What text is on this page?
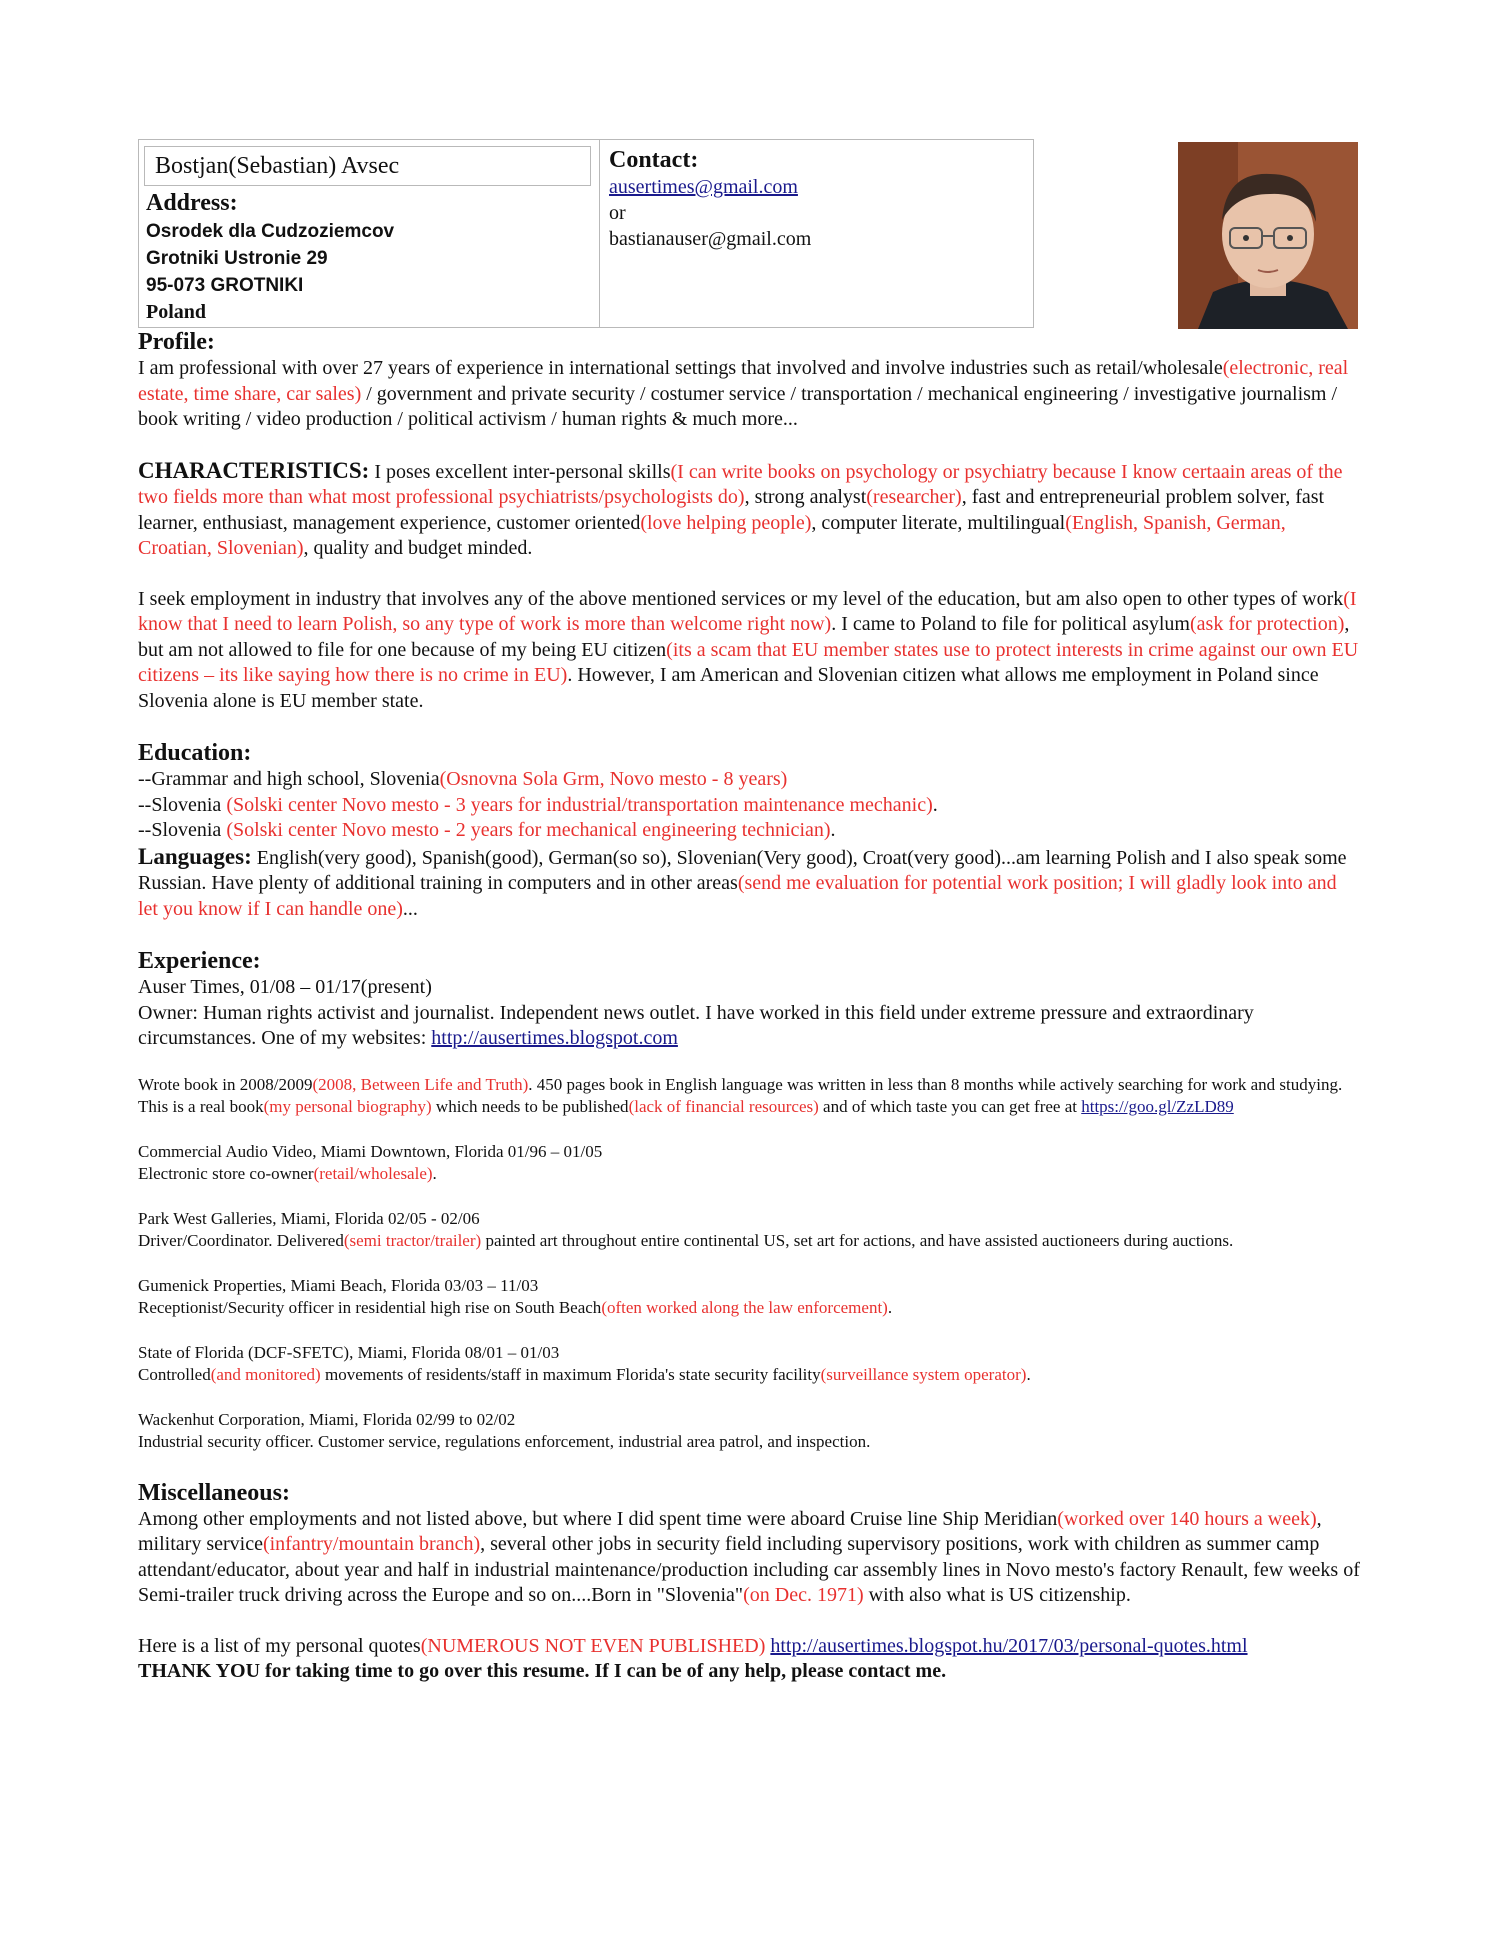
Bostjan(Sebastian) Avsec
Address:
Osrodek dla Cudzoziemcov
Grotniki Ustronie 29
95-073 GROTNIKI
Poland
Contact:
ausertimes@gmail.com
or
bastianauser@gmail.com

Profile:

I am professional with over 27 years of experience in international settings that involved and involve industries such as retail/wholesale(electronic, real estate, time share, car sales) / government and private security / costumer service / transportation / mechanical engineering / investigative journalism / book writing / video production / political activism / human rights & much more...

CHARACTERISTICS: I poses excellent inter-personal skills(I can write books on psychology or psychiatry because I know certaain areas of the two fields more than what most professional psychiatrists/psychologists do), strong analyst(researcher), fast and entrepreneurial problem solver, fast learner, enthusiast, management experience, customer oriented(love helping people), computer literate, multilingual(English, Spanish, German, Croatian, Slovenian), quality and budget minded.

I seek employment in industry that involves any of the above mentioned services or my level of the education, but am also open to other types of work(I know that I need to learn Polish, so any type of work is more than welcome right now). I came to Poland to file for political asylum(ask for protection), but am not allowed to file for one because of my being EU citizen(its a scam that EU member states use to protect interests in crime against our own EU citizens – its like saying how there is no crime in EU). However, I am American and Slovenian citizen what allows me employment in Poland since Slovenia alone is EU member state.

Education:

--Grammar and high school, Slovenia(Osnovna Sola Grm, Novo mesto - 8 years)

--Slovenia (Solski center Novo mesto - 3 years for industrial/transportation maintenance mechanic).

--Slovenia (Solski center Novo mesto - 2 years for mechanical engineering technician).

Languages: English(very good), Spanish(good), German(so so), Slovenian(Very good), Croat(very good)...am learning Polish and I also speak some Russian. Have plenty of additional training in computers and in other areas(send me evaluation for potential work position; I will gladly look into and let you know if I can handle one)...

Experience:

Auser Times, 01/08 – 01/17(present)

Owner: Human rights activist and journalist. Independent news outlet. I have worked in this field under extreme pressure and extraordinary circumstances. One of my websites: http://ausertimes.blogspot.com

Wrote book in 2008/2009(2008, Between Life and Truth). 450 pages book in English language was written in less than 8 months while actively searching for work and studying. This is a real book(my personal biography) which needs to be published(lack of financial resources) and of which taste you can get free at https://goo.gl/ZzLD89

Commercial Audio Video, Miami Downtown, Florida 01/96 – 01/05

Electronic store co-owner(retail/wholesale).

Park West Galleries, Miami, Florida 02/05 - 02/06

Driver/Coordinator. Delivered(semi tractor/trailer) painted art throughout entire continental US, set art for actions, and have assisted auctioneers during auctions.

Gumenick Properties, Miami Beach, Florida 03/03 – 11/03

Receptionist/Security officer in residential high rise on South Beach(often worked along the law enforcement).

State of Florida (DCF-SFETC), Miami, Florida 08/01 – 01/03

Controlled(and monitored) movements of residents/staff in maximum Florida's state security facility(surveillance system operator).

Wackenhut Corporation, Miami, Florida 02/99 to 02/02

Industrial security officer. Customer service, regulations enforcement, industrial area patrol, and inspection.

Miscellaneous:

Among other employments and not listed above, but where I did spent time were aboard Cruise line Ship Meridian(worked over 140 hours a week), military service(infantry/mountain branch), several other jobs in security field including supervisory positions, work with children as summer camp attendant/educator, about year and half in industrial maintenance/production including car assembly lines in Novo mesto's factory Renault, few weeks of Semi-trailer truck driving across the Europe and so on....Born in "Slovenia"(on Dec. 1971) with also what is US citizenship.

Here is a list of my personal quotes(NUMEROUS NOT EVEN PUBLISHED) http://ausertimes.blogspot.hu/2017/03/personal-quotes.html

THANK YOU for taking time to go over this resume. If I can be of any help, please contact me.
